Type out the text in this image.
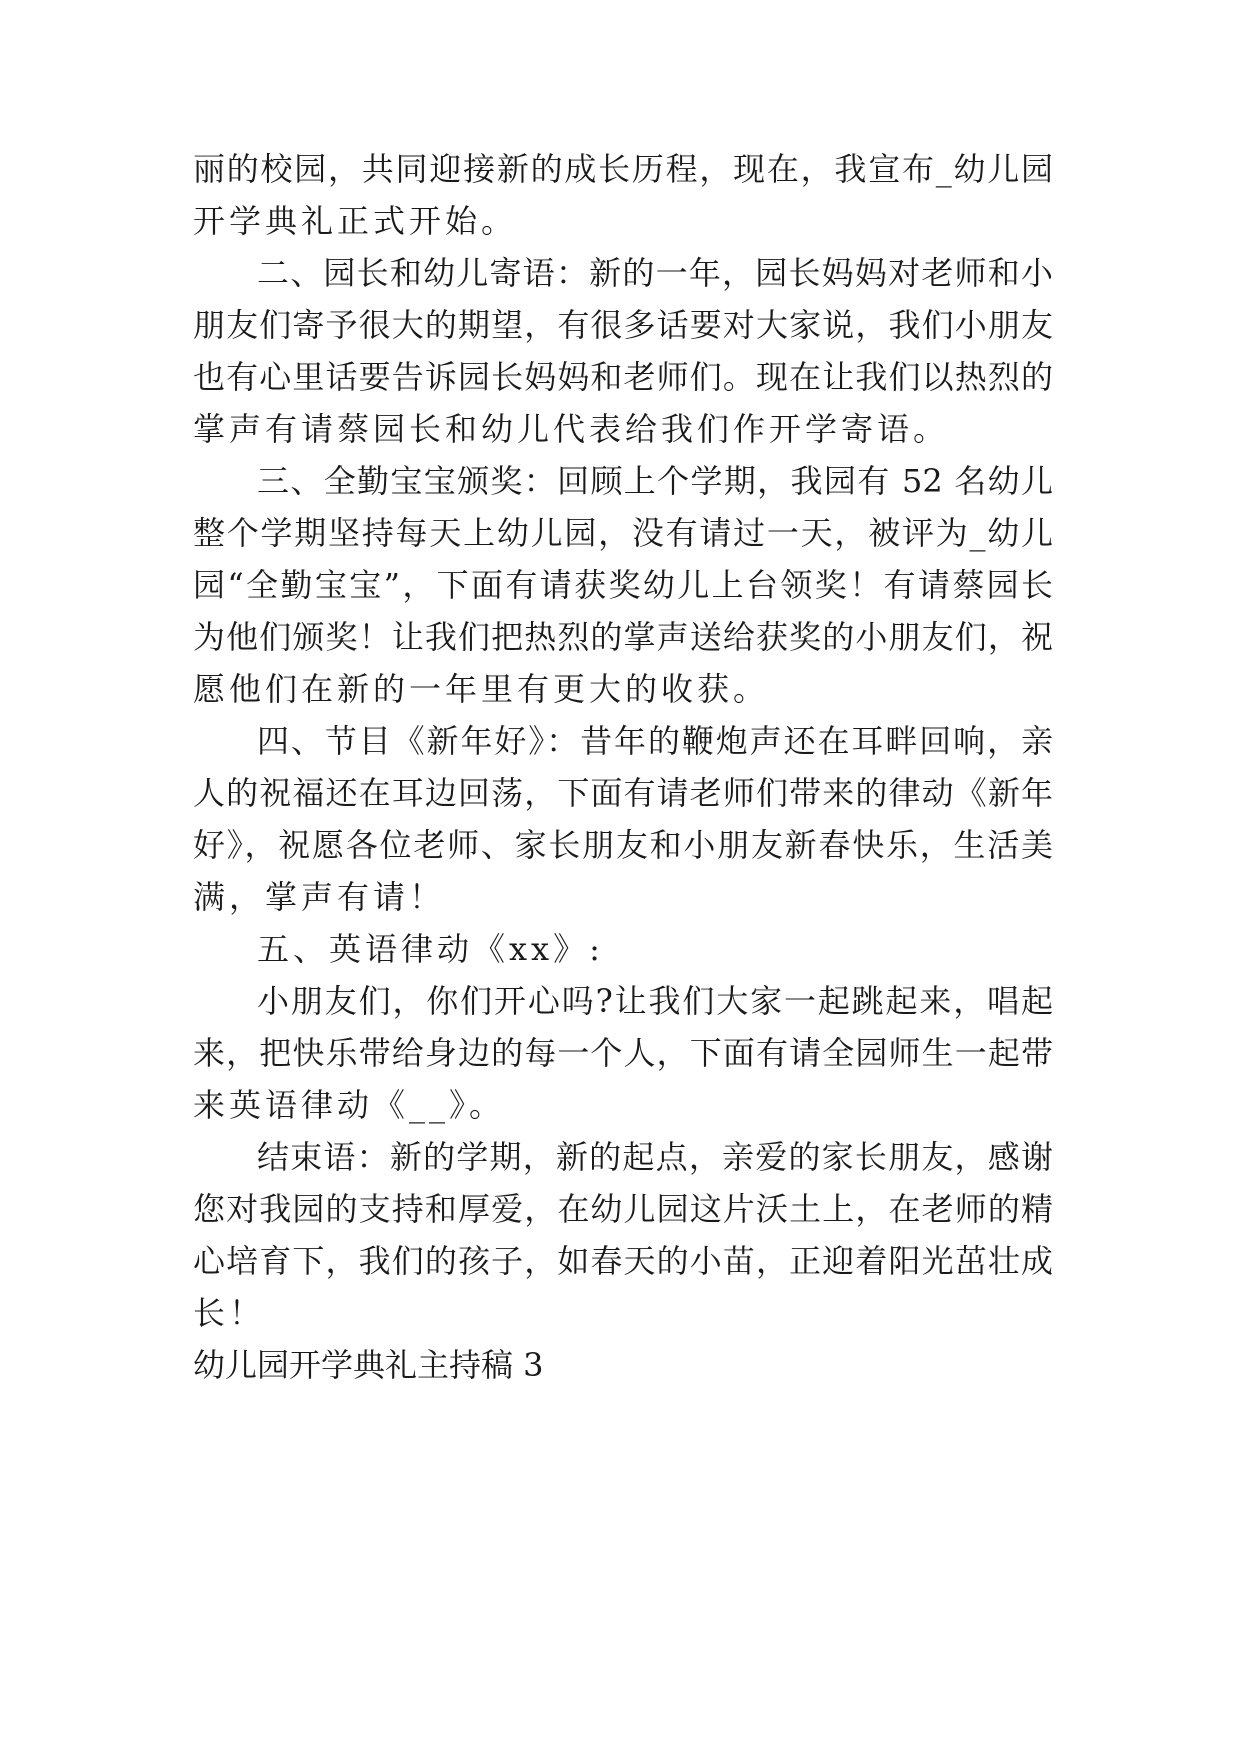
丽的校园，共同迎接新的成长历程，现在，我宣布_幼儿园
开学典礼正式开始。
二、园长和幼儿寄语：新的一年，园长妈妈对老师和小
朋友们寄予很大的期望，有很多话要对大家说，我们小朋友
也有心里话要告诉园长妈妈和老师们。现在让我们以热烈的
掌声有请蔡园长和幼儿代表给我们作开学寄语。
三、全勤宝宝颁奖：回顾上个学期，我园有 52 名幼儿
整个学期坚持每天上幼儿园，没有请过一天，被评为_幼儿
园“全勤宝宝”，下面有请获奖幼儿上台领奖！有请蔡园长
为他们颁奖！让我们把热烈的掌声送给获奖的小朋友们，祝
愿他们在新的一年里有更大的收获。
四、节目《新年好》：昔年的鞭炮声还在耳畔回响，亲
人的祝福还在耳边回荡，下面有请老师们带来的律动《新年
好》，祝愿各位老师、家长朋友和小朋友新春快乐，生活美
满，掌声有请！
五、英语律动《xx》:
小朋友们，你们开心吗?让我们大家一起跳起来，唱起
来，把快乐带给身边的每一个人，下面有请全园师生一起带
来英语律动《__》。
结束语：新的学期，新的起点，亲爱的家长朋友，感谢
您对我园的支持和厚爱，在幼儿园这片沃土上，在老师的精
心培育下，我们的孩子，如春天的小苗，正迎着阳光茁壮成
长！
幼儿园开学典礼主持稿 3
